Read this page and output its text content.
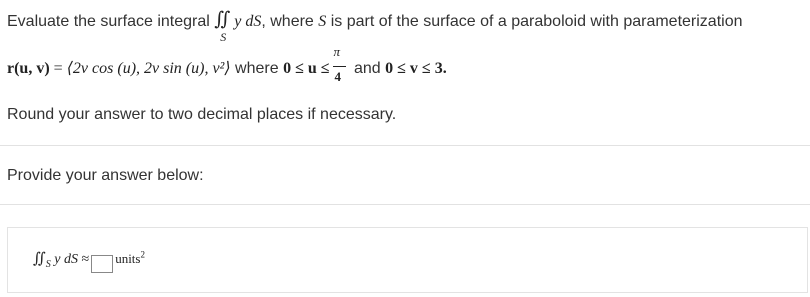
Evaluate the surface integral ∬
S
y dS, where S is part of the surface of a paraboloid with parameterization
r(u, v) = ⟨2v cos (u), 2v sin (u), v²⟩ where $0 \le u \le \frac{\pi}{4}$ and 0 ≤ v ≤ 3.
Round your answer to two decimal places if necessary.
Provide your answer below:
$∬_S$ y dS ≈ units$^2$
